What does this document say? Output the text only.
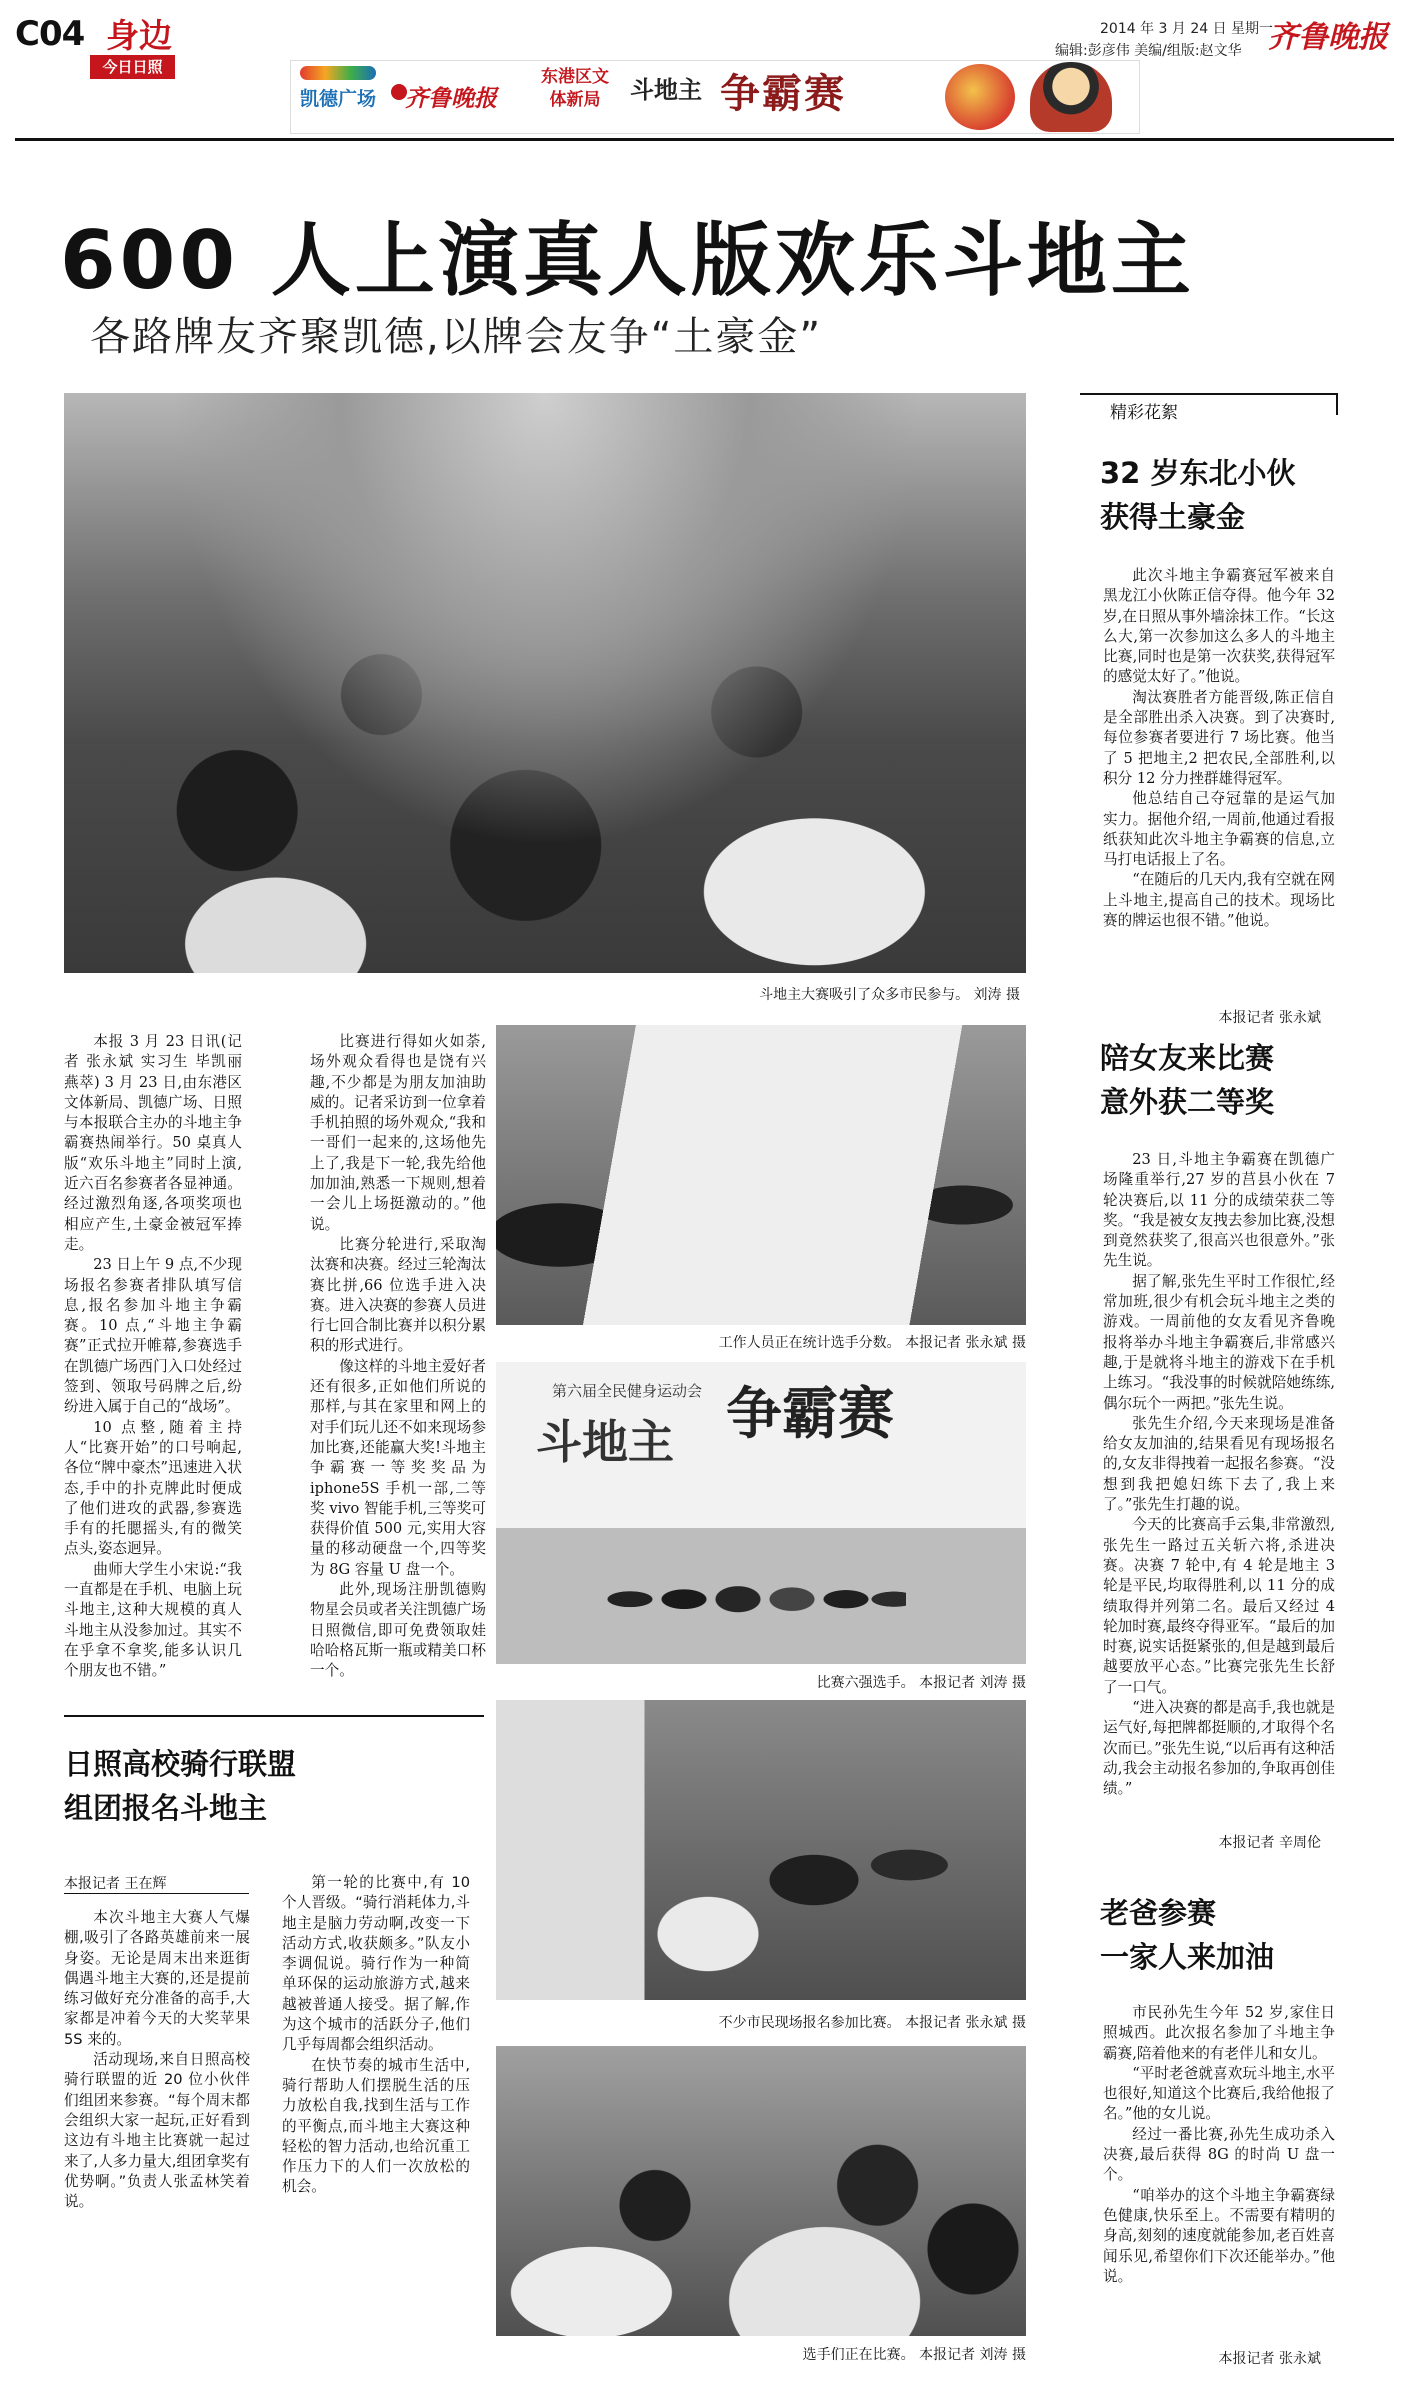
C04 身边
今日日照
2014 年 3 月 24 日 星期一
编辑:彭彦伟 美编/组版:赵文华 齐鲁晚报
凯德广场 齐鲁晚报
东港区文体新局	斗地主 争霸赛
600 人上演真人版欢乐斗地主
各路牌友齐聚凯德,以牌会友争“土豪金”
斗地主大赛吸引了众多市民参与。 刘涛 摄

本报 3 月 23 日讯(记者 张永斌 实习生 毕凯丽 燕萃) 3 月 23 日,由东港区文体新局、凯德广场、日照与本报联合主办的斗地主争霸赛热闹举行。50 桌真人版“欢乐斗地主”同时上演,近六百名参赛者各显神通。经过激烈角逐,各项奖项也相应产生,土豪金被冠军捧走。

23 日上午 9 点,不少现场报名参赛者排队填写信息,报名参加斗地主争霸赛。10 点,“斗地主争霸赛”正式拉开帷幕,参赛选手在凯德广场西门入口处经过签到、领取号码牌之后,纷纷进入属于自己的“战场”。

10 点整,随着主持人“比赛开始”的口号响起,各位“牌中豪杰”迅速进入状态,手中的扑克牌此时便成了他们进攻的武器,参赛选手有的托腮摇头,有的微笑点头,姿态迥异。

曲师大学生小宋说:“我一直都是在手机、电脑上玩斗地主,这种大规模的真人斗地主从没参加过。其实不在乎拿不拿奖,能多认识几个朋友也不错。”

比赛进行得如火如荼,场外观众看得也是饶有兴趣,不少都是为朋友加油助威的。记者采访到一位拿着手机拍照的场外观众,“我和一哥们一起来的,这场他先上了,我是下一轮,我先给他加加油,熟悉一下规则,想着一会儿上场挺激动的。”他说。

比赛分轮进行,采取淘汰赛和决赛。经过三轮淘汰赛比拼,66 位选手进入决赛。进入决赛的参赛人员进行七回合制比赛并以积分累积的形式进行。

像这样的斗地主爱好者还有很多,正如他们所说的那样,与其在家里和网上的对手们玩儿还不如来现场参加比赛,还能赢大奖!斗地主争霸赛一等奖奖品为 iphone5S 手机一部,二等奖 vivo 智能手机,三等奖可获得价值 500 元,实用大容量的移动硬盘一个,四等奖为 8G 容量 U 盘一个。

此外,现场注册凯德购物星会员或者关注凯德广场日照微信,即可免费领取娃哈哈格瓦斯一瓶或精美口杯一个。

工作人员正在统计选手分数。 本报记者 张永斌 摄
第六届全民健身运动会
斗地主 争霸赛
比赛六强选手。 本报记者 刘涛 摄
日照高校骑行联盟
组团报名斗地主
本报记者 王在辉

本次斗地主大赛人气爆棚,吸引了各路英雄前来一展身姿。无论是周末出来逛街偶遇斗地主大赛的,还是提前练习做好充分准备的高手,大家都是冲着今天的大奖苹果 5S 来的。

活动现场,来自日照高校骑行联盟的近 20 位小伙伴们组团来参赛。“每个周末都会组织大家一起玩,正好看到这边有斗地主比赛就一起过来了,人多力量大,组团拿奖有优势啊。”负责人张孟林笑着说。

第一轮的比赛中,有 10 个人晋级。“骑行消耗体力,斗地主是脑力劳动啊,改变一下活动方式,收获颇多。”队友小李调侃说。骑行作为一种简单环保的运动旅游方式,越来越被普通人接受。据了解,作为这个城市的活跃分子,他们几乎每周都会组织活动。

在快节奏的城市生活中,骑行帮助人们摆脱生活的压力放松自我,找到生活与工作的平衡点,而斗地主大赛这种轻松的智力活动,也给沉重工作压力下的人们一次放松的机会。

不少市民现场报名参加比赛。 本报记者 张永斌 摄
选手们正在比赛。 本报记者 刘涛 摄
精彩花絮
32 岁东北小伙
获得土豪金

此次斗地主争霸赛冠军被来自黑龙江小伙陈正信夺得。他今年 32 岁,在日照从事外墙涂抹工作。“长这么大,第一次参加这么多人的斗地主比赛,同时也是第一次获奖,获得冠军的感觉太好了。”他说。

淘汰赛胜者方能晋级,陈正信自是全部胜出杀入决赛。到了决赛时,每位参赛者要进行 7 场比赛。他当了 5 把地主,2 把农民,全部胜利,以积分 12 分力挫群雄得冠军。

他总结自己夺冠靠的是运气加实力。据他介绍,一周前,他通过看报纸获知此次斗地主争霸赛的信息,立马打电话报上了名。

“在随后的几天内,我有空就在网上斗地主,提高自己的技术。现场比赛的牌运也很不错。”他说。

本报记者 张永斌
陪女友来比赛
意外获二等奖

23 日,斗地主争霸赛在凯德广场隆重举行,27 岁的莒县小伙在 7 轮决赛后,以 11 分的成绩荣获二等奖。“我是被女友拽去参加比赛,没想到竟然获奖了,很高兴也很意外。”张先生说。

据了解,张先生平时工作很忙,经常加班,很少有机会玩斗地主之类的游戏。一周前他的女友看见齐鲁晚报将举办斗地主争霸赛后,非常感兴趣,于是就将斗地主的游戏下在手机上练习。“我没事的时候就陪她练练,偶尔玩个一两把。”张先生说。

张先生介绍,今天来现场是准备给女友加油的,结果看见有现场报名的,女友非得拽着一起报名参赛。“没想到我把媳妇练下去了,我上来了。”张先生打趣的说。

今天的比赛高手云集,非常激烈,张先生一路过五关斩六将,杀进决赛。决赛 7 轮中,有 4 轮是地主 3 轮是平民,均取得胜利,以 11 分的成绩取得并列第二名。最后又经过 4 轮加时赛,最终夺得亚军。“最后的加时赛,说实话挺紧张的,但是越到最后越要放平心态。”比赛完张先生长舒了一口气。

“进入决赛的都是高手,我也就是运气好,每把牌都挺顺的,才取得个名次而已。”张先生说,“以后再有这种活动,我会主动报名参加的,争取再创佳绩。”

本报记者 辛周伦
老爸参赛
一家人来加油

市民孙先生今年 52 岁,家住日照城西。此次报名参加了斗地主争霸赛,陪着他来的有老伴儿和女儿。

“平时老爸就喜欢玩斗地主,水平也很好,知道这个比赛后,我给他报了名。”他的女儿说。

经过一番比赛,孙先生成功杀入决赛,最后获得 8G 的时尚 U 盘一个。

“咱举办的这个斗地主争霸赛绿色健康,快乐至上。不需要有精明的身高,刻刻的速度就能参加,老百姓喜闻乐见,希望你们下次还能举办。”他说。

本报记者 张永斌
